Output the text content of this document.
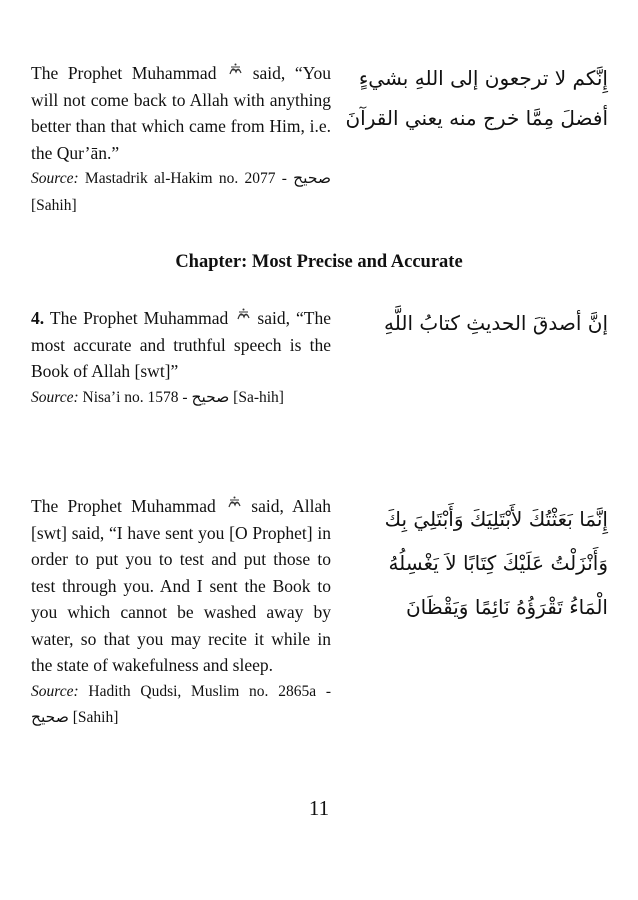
The Prophet Muhammad said, “You will not come back to Allah with anything better than that which came from Him, i.e. the Qur’ān.”

Source: Mastadrik al-Hakim no. 2077 - صحيح [Sahih]
إِنَّكم لا ترجعون إلى اللهِ بشيءٍ
أفضلَ مِمَّا خرج منه يعني القرآنَ
Chapter: Most Precise and Accurate

4. The Prophet Muhammad said, “The most accurate and truthful speech is the Book of Allah [swt]”

Source: Nisa’i no. 1578 - صحيح [Sa-hih]
إنَّ أصدقَ الحديثِ كتابُ اللَّهِ

The Prophet Muhammad said, Allah [swt] said, “I have sent you [O Prophet] in order to put you to test and put those to test through you. And I sent the Book to you which cannot be washed away by water, so that you may recite it while in the state of wakefulness and sleep.

Source: Hadith Qudsi, Muslim no. 2865a - صحيح [Sahih]
إِنَّمَا بَعَثْتُكَ لأَبْتَلِيَكَ وَأَبْتَلِيَ بِكَ
وَأَنْزَلْتُ عَلَيْكَ كِتَابًا لاَ يَغْسِلُهُ
الْمَاءُ تَقْرَؤُهُ نَائِمًا وَيَقْظَانَ
11
